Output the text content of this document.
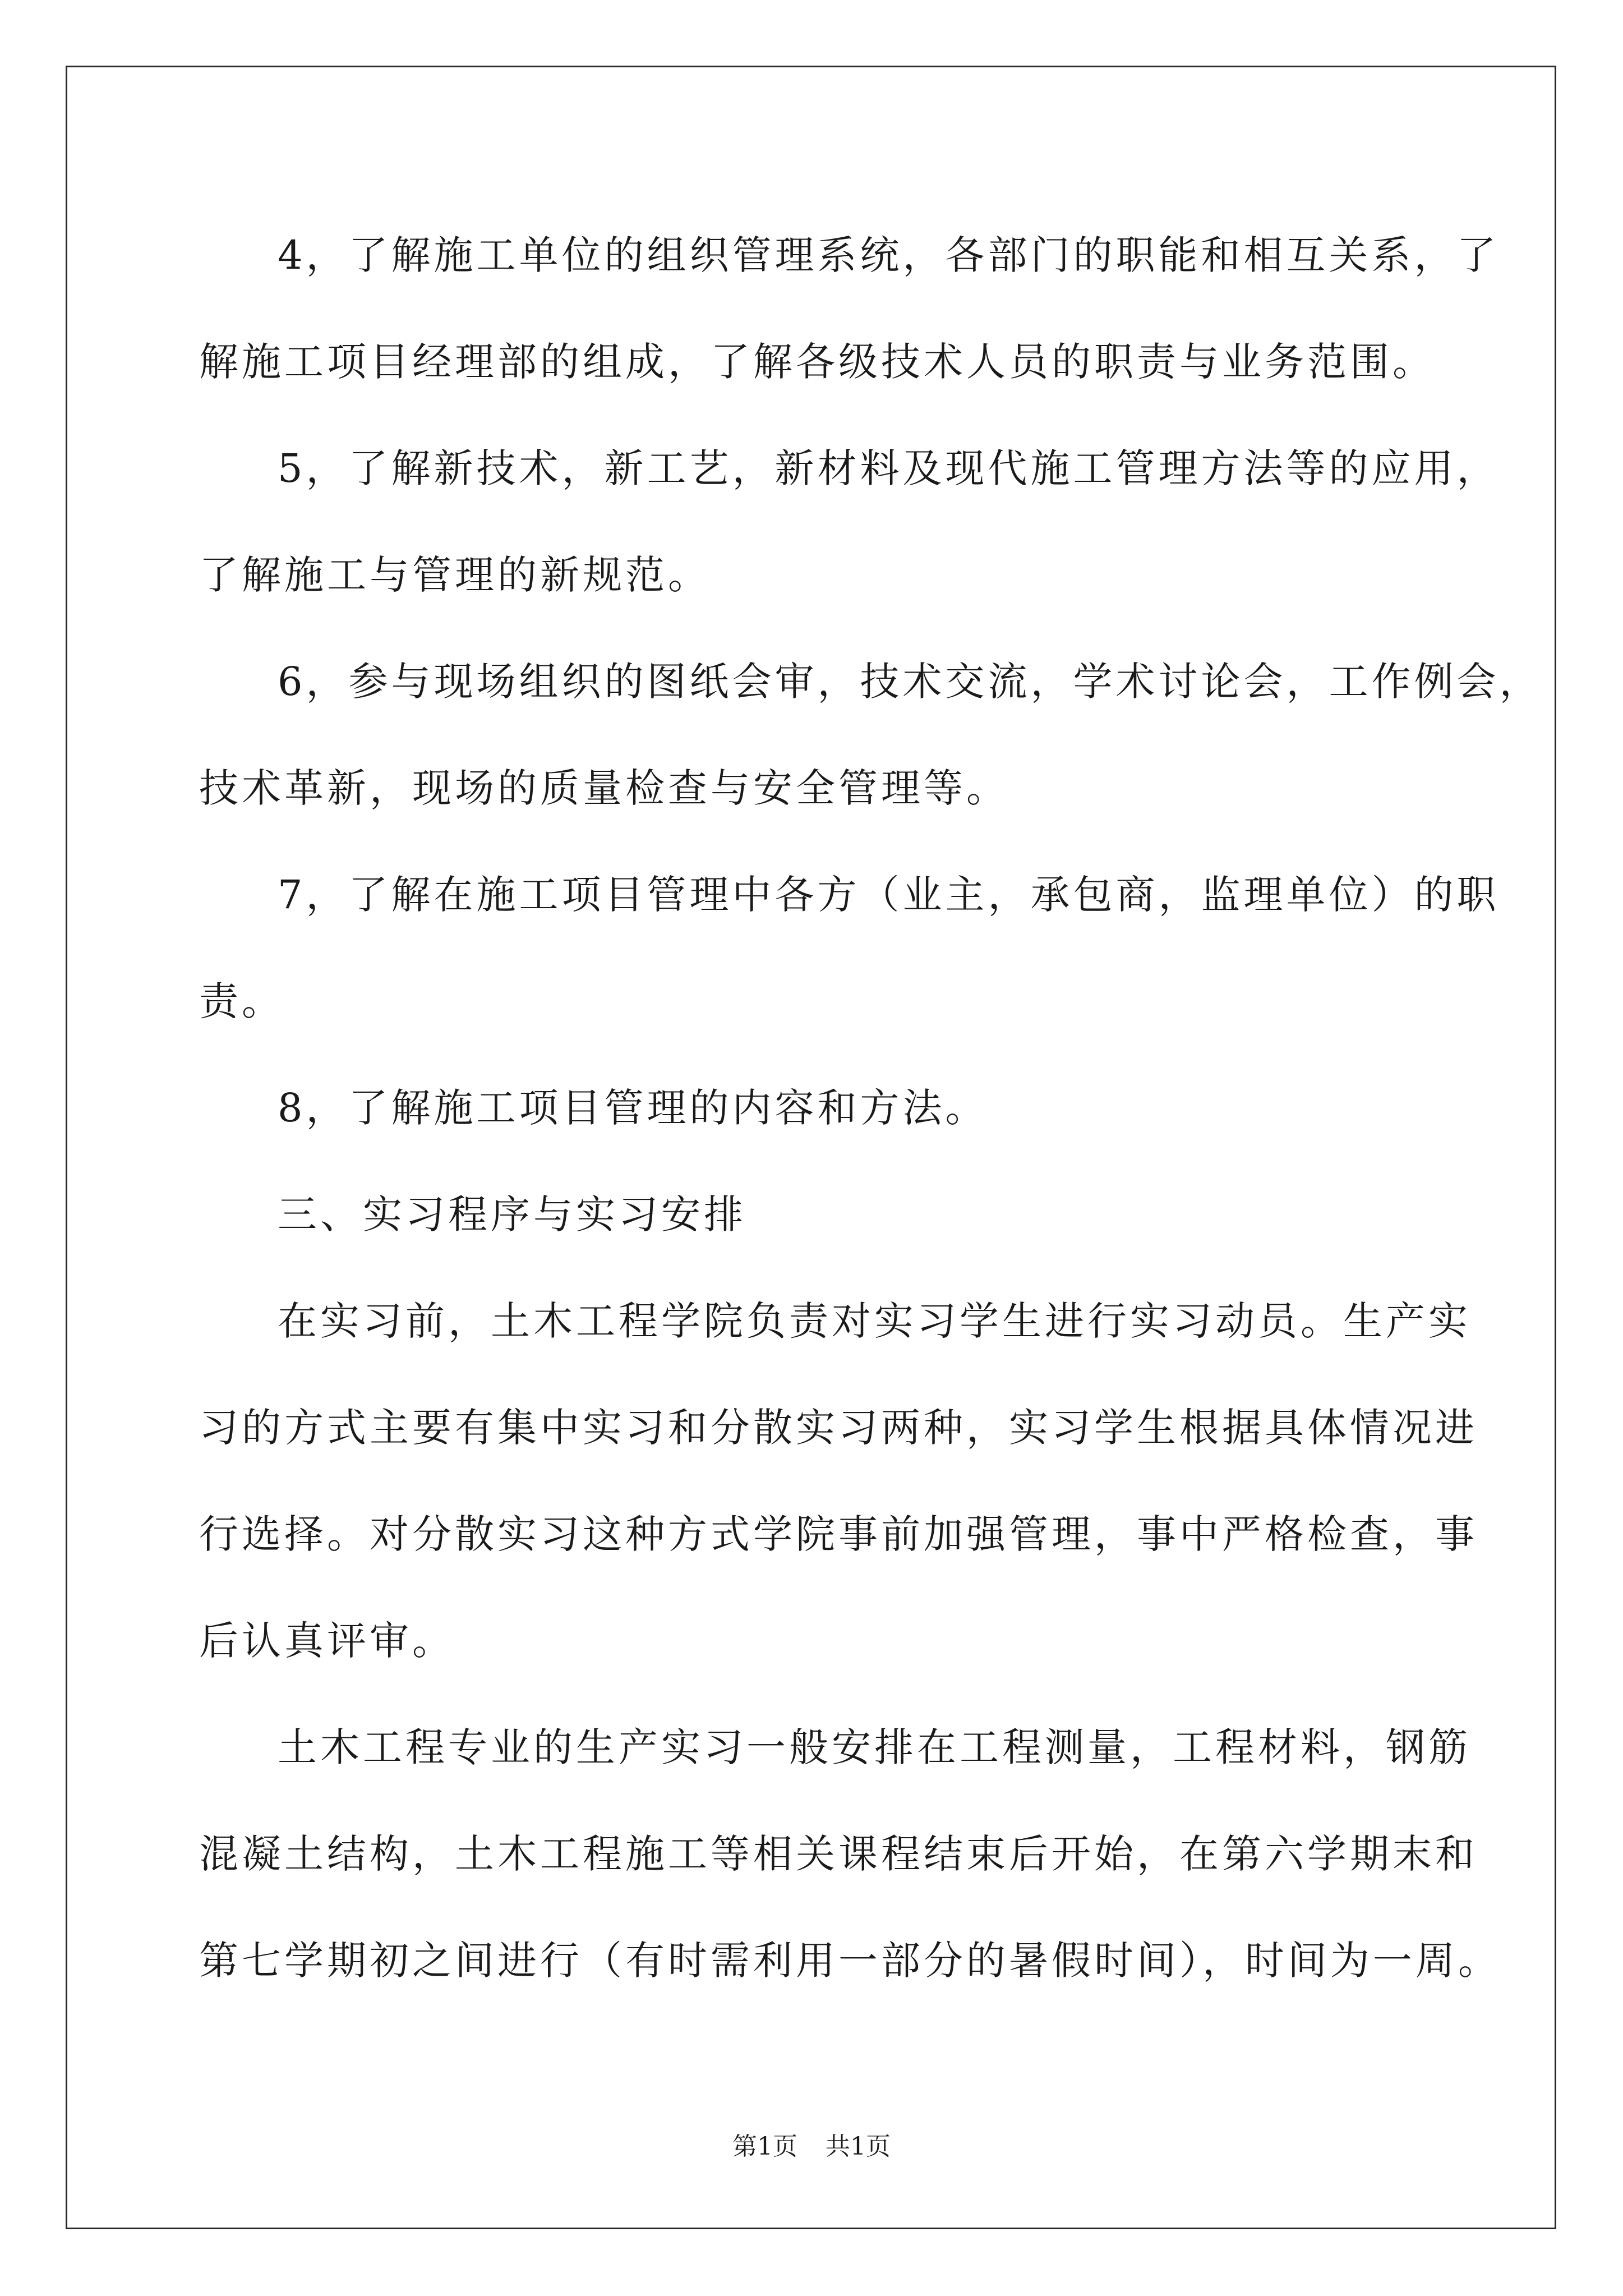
4，了解施工单位的组织管理系统，各部门的职能和相互关系，了
解施工项目经理部的组成，了解各级技术人员的职责与业务范围。

5，了解新技术，新工艺，新材料及现代施工管理方法等的应用，
了解施工与管理的新规范。

6，参与现场组织的图纸会审，技术交流，学术讨论会，工作例会，
技术革新，现场的质量检查与安全管理等。

7，了解在施工项目管理中各方（业主，承包商，监理单位）的职
责。

8，了解施工项目管理的内容和方法。

三、实习程序与实习安排

在实习前，土木工程学院负责对实习学生进行实习动员。生产实
习的方式主要有集中实习和分散实习两种，实习学生根据具体情况进
行选择。对分散实习这种方式学院事前加强管理，事中严格检查，事
后认真评审。

土木工程专业的生产实习一般安排在工程测量，工程材料，钢筋
混凝土结构，土木工程施工等相关课程结束后开始，在第六学期末和
第七学期初之间进行（有时需利用一部分的暑假时间），时间为一周。

第1页 共1页
